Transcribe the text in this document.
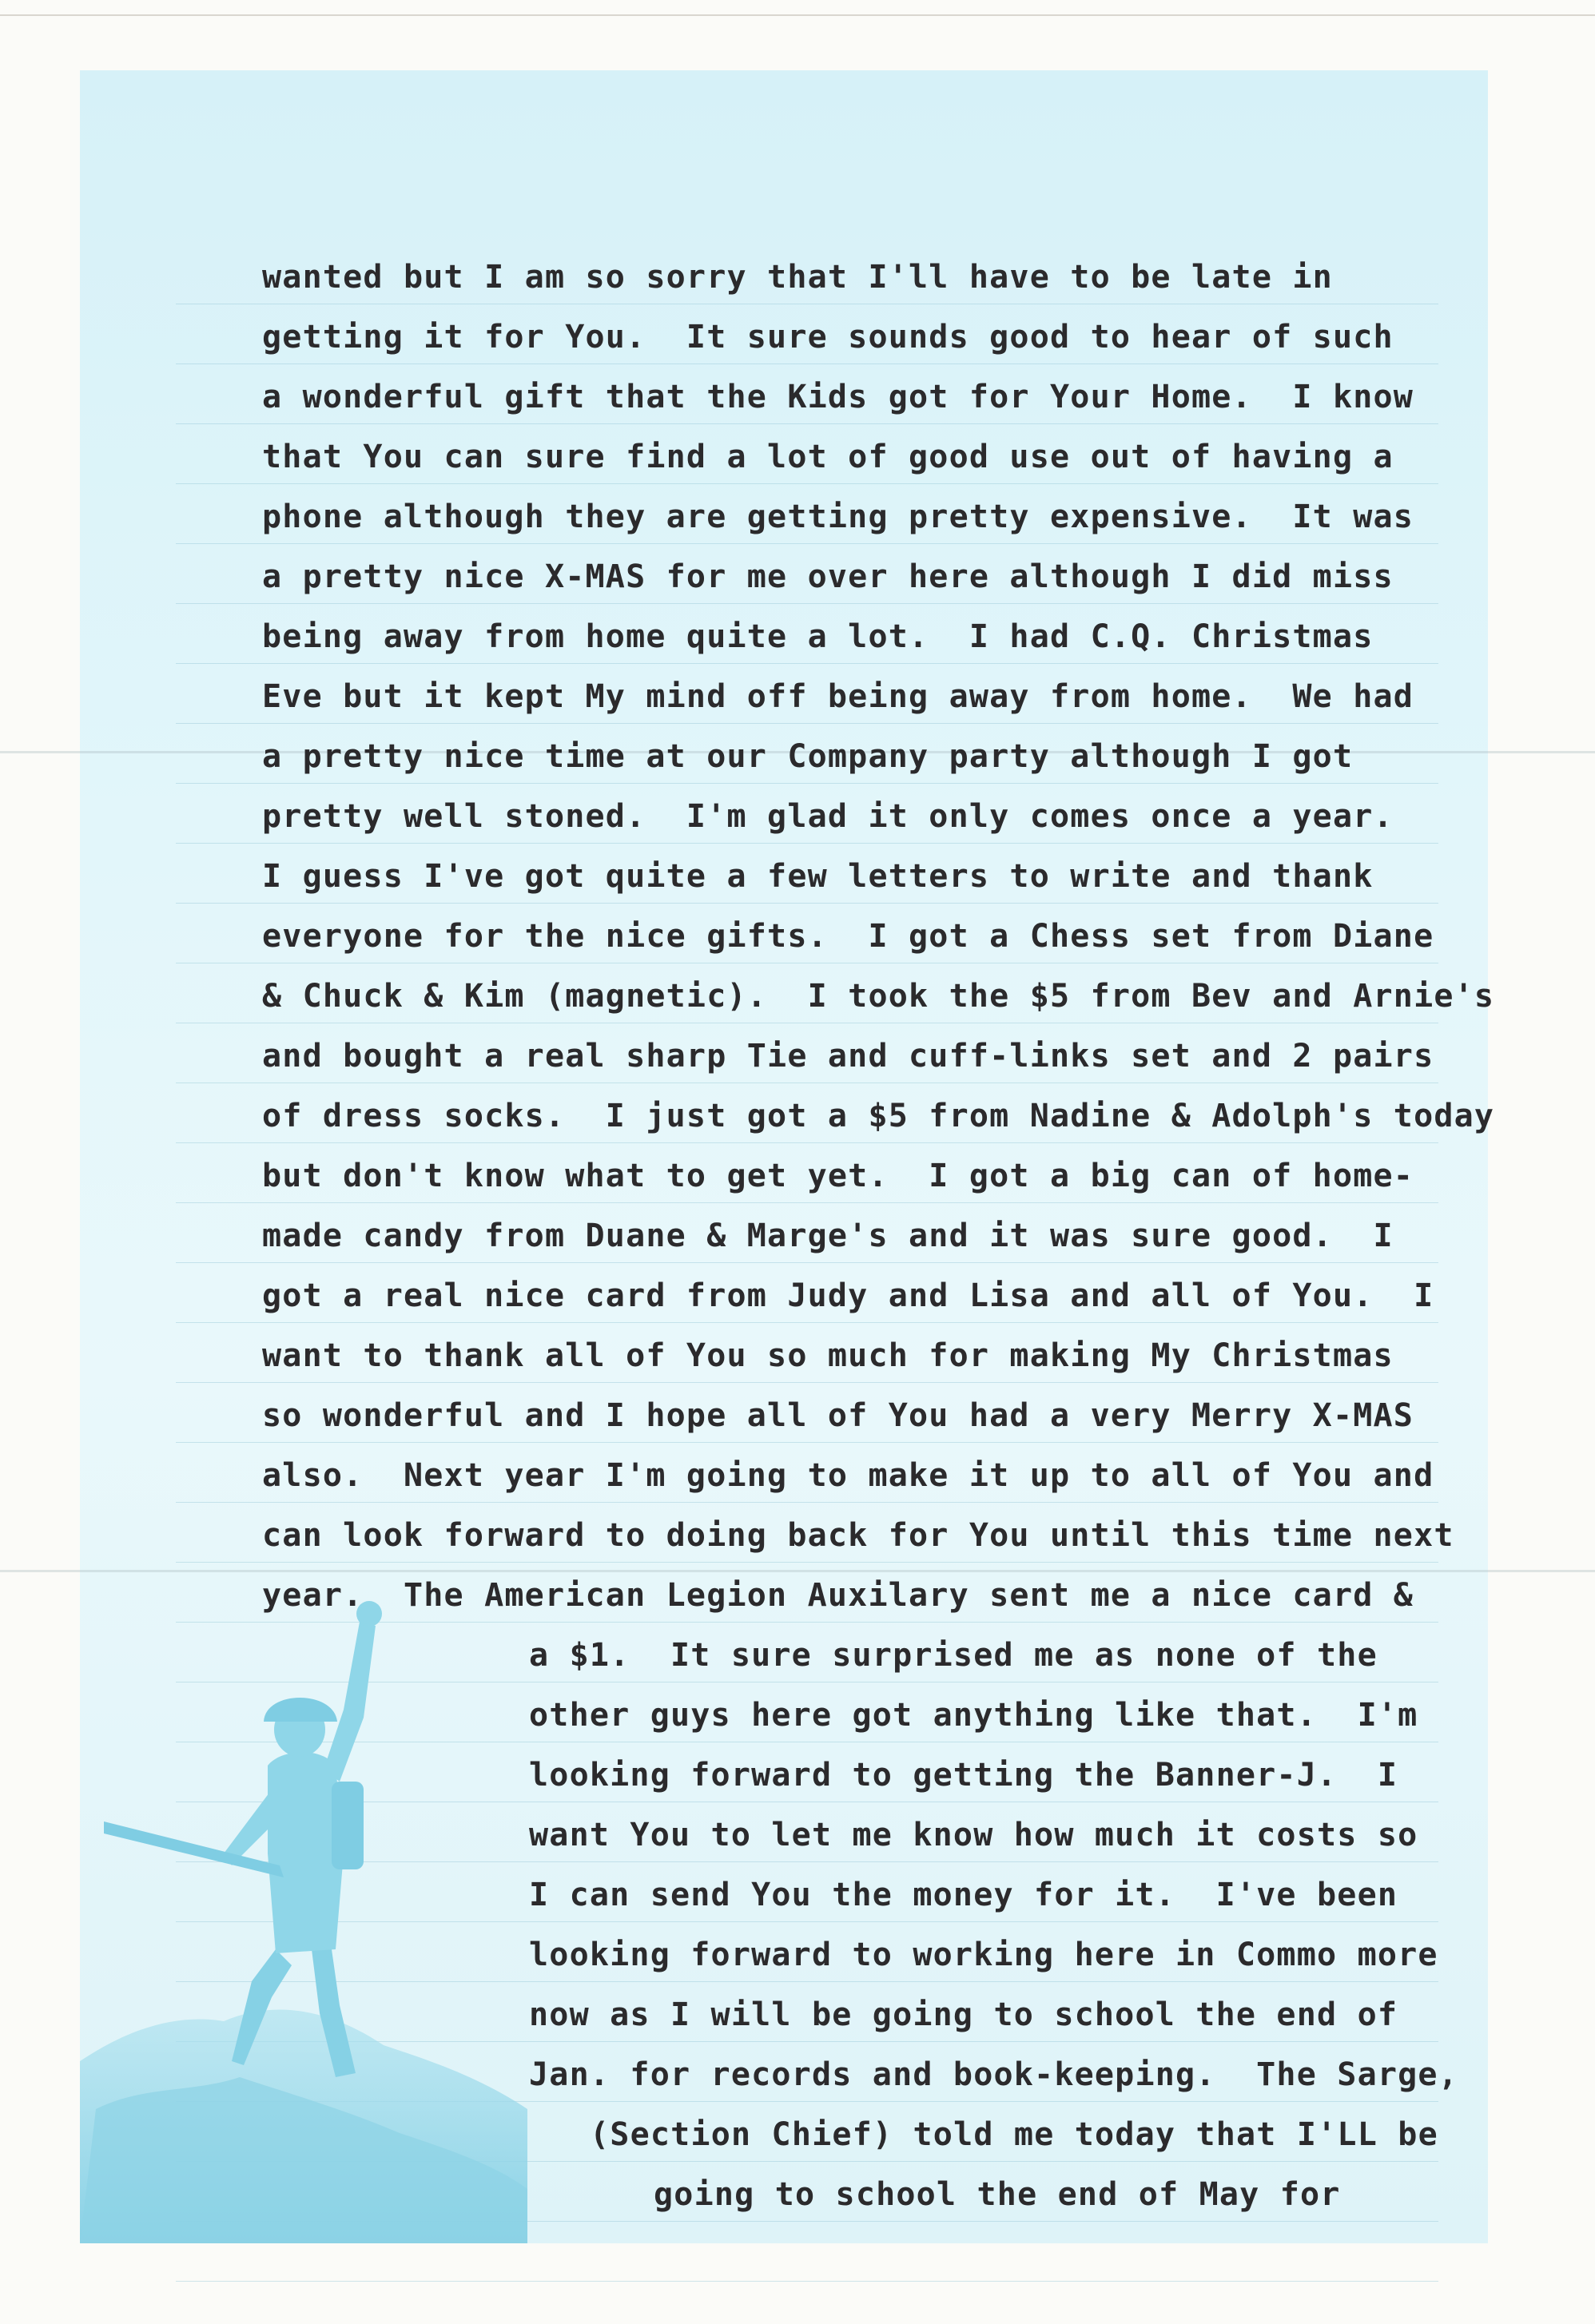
wanted but I am so sorry that I'll have to be late in

getting it for You.  It sure sounds good to hear of such

a wonderful gift that the Kids got for Your Home.  I know

that You can sure find a lot of good use out of having a

phone although they are getting pretty expensive.  It was

a pretty nice X-MAS for me over here although I did miss

being away from home quite a lot.  I had C.Q. Christmas

Eve but it kept My mind off being away from home.  We had

a pretty nice time at our Company party although I got

pretty well stoned.  I'm glad it only comes once a year.

I guess I've got quite a few letters to write and thank

everyone for the nice gifts.  I got a Chess set from Diane

& Chuck & Kim (magnetic).  I took the $5 from Bev and Arnie's

and bought a real sharp Tie and cuff-links set and 2 pairs

of dress socks.  I just got a $5 from Nadine & Adolph's today

but don't know what to get yet.  I got a big can of home-

made candy from Duane & Marge's and it was sure good.  I

got a real nice card from Judy and Lisa and all of You.  I

want to thank all of You so much for making My Christmas

so wonderful and I hope all of You had a very Merry X-MAS

also.  Next year I'm going to make it up to all of You and

can look forward to doing back for You until this time next

year.  The American Legion Auxilary sent me a nice card &

a $1.  It sure surprised me as none of the

other guys here got anything like that.  I'm

looking forward to getting the Banner-J.  I

want You to let me know how much it costs so

I can send You the money for it.  I've been

looking forward to working here in Commo more

now as I will be going to school the end of

Jan. for records and book-keeping.  The Sarge,

(Section Chief) told me today that I'LL be

going to school the end of May for
